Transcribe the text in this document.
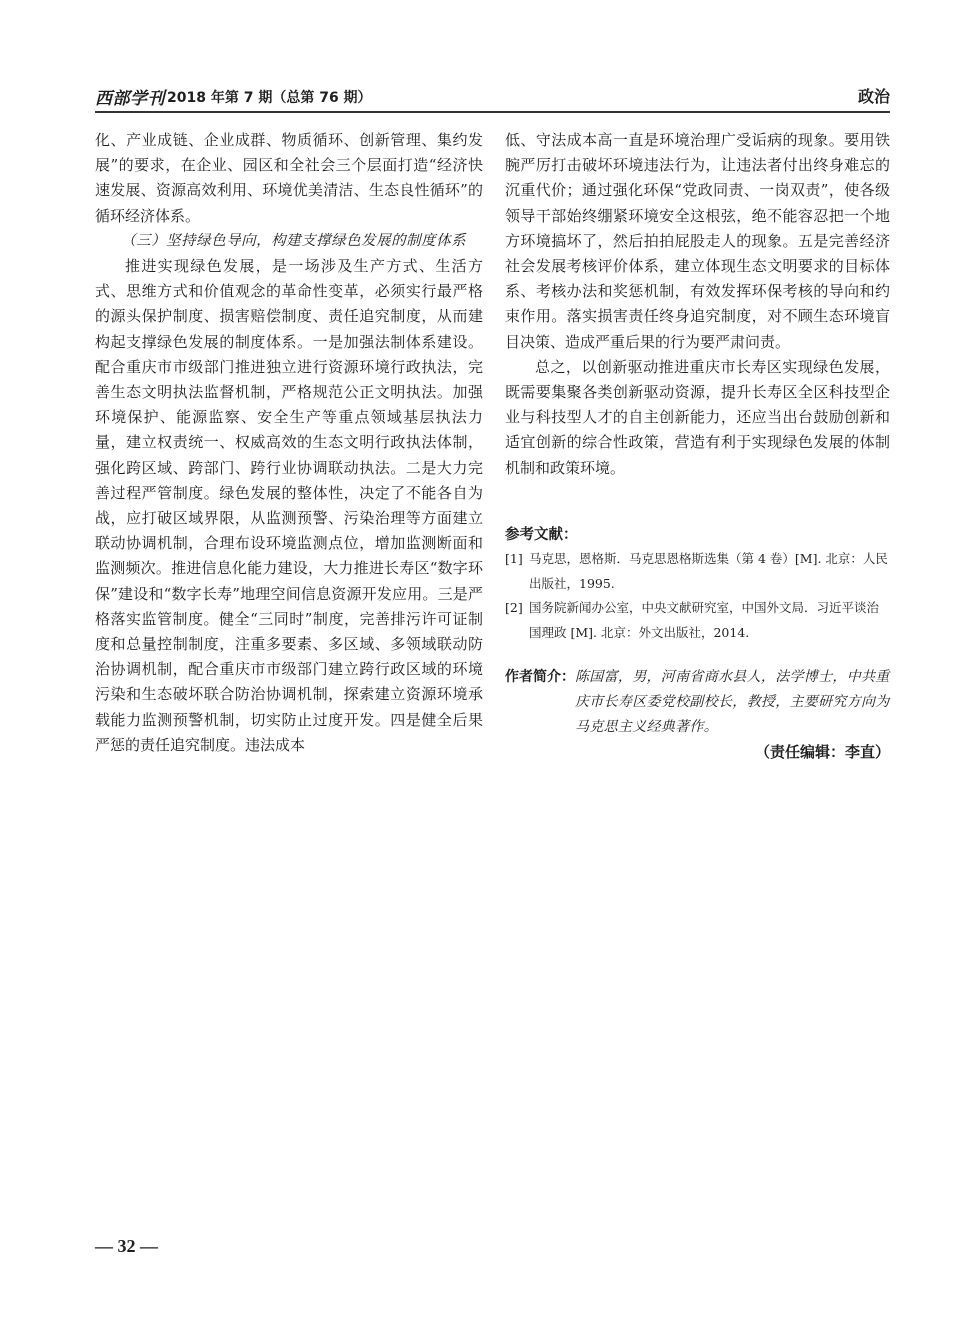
西部学刊 2018 年第 7 期（总第 76 期）	政治

化、产业成链、企业成群、物质循环、创新管理、集约发展”的要求，在企业、园区和全社会三个层面打造“经济快速发展、资源高效利用、环境优美清洁、生态良性循环”的循环经济体系。

（三）坚持绿色导向，构建支撑绿色发展的制度体系

推进实现绿色发展，是一场涉及生产方式、生活方式、思维方式和价值观念的革命性变革，必须实行最严格的源头保护制度、损害赔偿制度、责任追究制度，从而建构起支撑绿色发展的制度体系。一是加强法制体系建设。配合重庆市市级部门推进独立进行资源环境行政执法，完善生态文明执法监督机制，严格规范公正文明执法。加强环境保护、能源监察、安全生产等重点领域基层执法力量，建立权责统一、权威高效的生态文明行政执法体制，强化跨区域、跨部门、跨行业协调联动执法。二是大力完善过程严管制度。绿色发展的整体性，决定了不能各自为战，应打破区域界限，从监测预警、污染治理等方面建立联动协调机制，合理布设环境监测点位，增加监测断面和监测频次。推进信息化能力建设，大力推进长寿区“数字环保”建设和“数字长寿”地理空间信息资源开发应用。三是严格落实监管制度。健全“三同时”制度，完善排污许可证制度和总量控制制度，注重多要素、多区域、多领域联动防治协调机制，配合重庆市市级部门建立跨行政区域的环境污染和生态破坏联合防治协调机制，探索建立资源环境承载能力监测预警机制，切实防止过度开发。四是健全后果严惩的责任追究制度。违法成本

低、守法成本高一直是环境治理广受诟病的现象。要用铁腕严厉打击破坏环境违法行为，让违法者付出终身难忘的沉重代价；通过强化环保“党政同责、一岗双责”，使各级领导干部始终绷紧环境安全这根弦，绝不能容忍把一个地方环境搞坏了，然后拍拍屁股走人的现象。五是完善经济社会发展考核评价体系，建立体现生态文明要求的目标体系、考核办法和奖惩机制，有效发挥环保考核的导向和约束作用。落实损害责任终身追究制度，对不顾生态环境盲目决策、造成严重后果的行为要严肃问责。

总之，以创新驱动推进重庆市长寿区实现绿色发展，既需要集聚各类创新驱动资源，提升长寿区全区科技型企业与科技型人才的自主创新能力，还应当出台鼓励创新和适宜创新的综合性政策，营造有利于实现绿色发展的体制机制和政策环境。

参考文献：
[1] 马克思，恩格斯．马克思恩格斯选集（第 4 卷）[M]. 北京：人民出版社，1995.
[2] 国务院新闻办公室，中央文献研究室，中国外文局．习近平谈治国理政 [M]. 北京：外文出版社，2014.
作者简介： 陈国富，男，河南省商水县人，法学博士，中共重庆市长寿区委党校副校长，教授，主要研究方向为马克思主义经典著作。
（责任编辑：李直）
— 32 —
